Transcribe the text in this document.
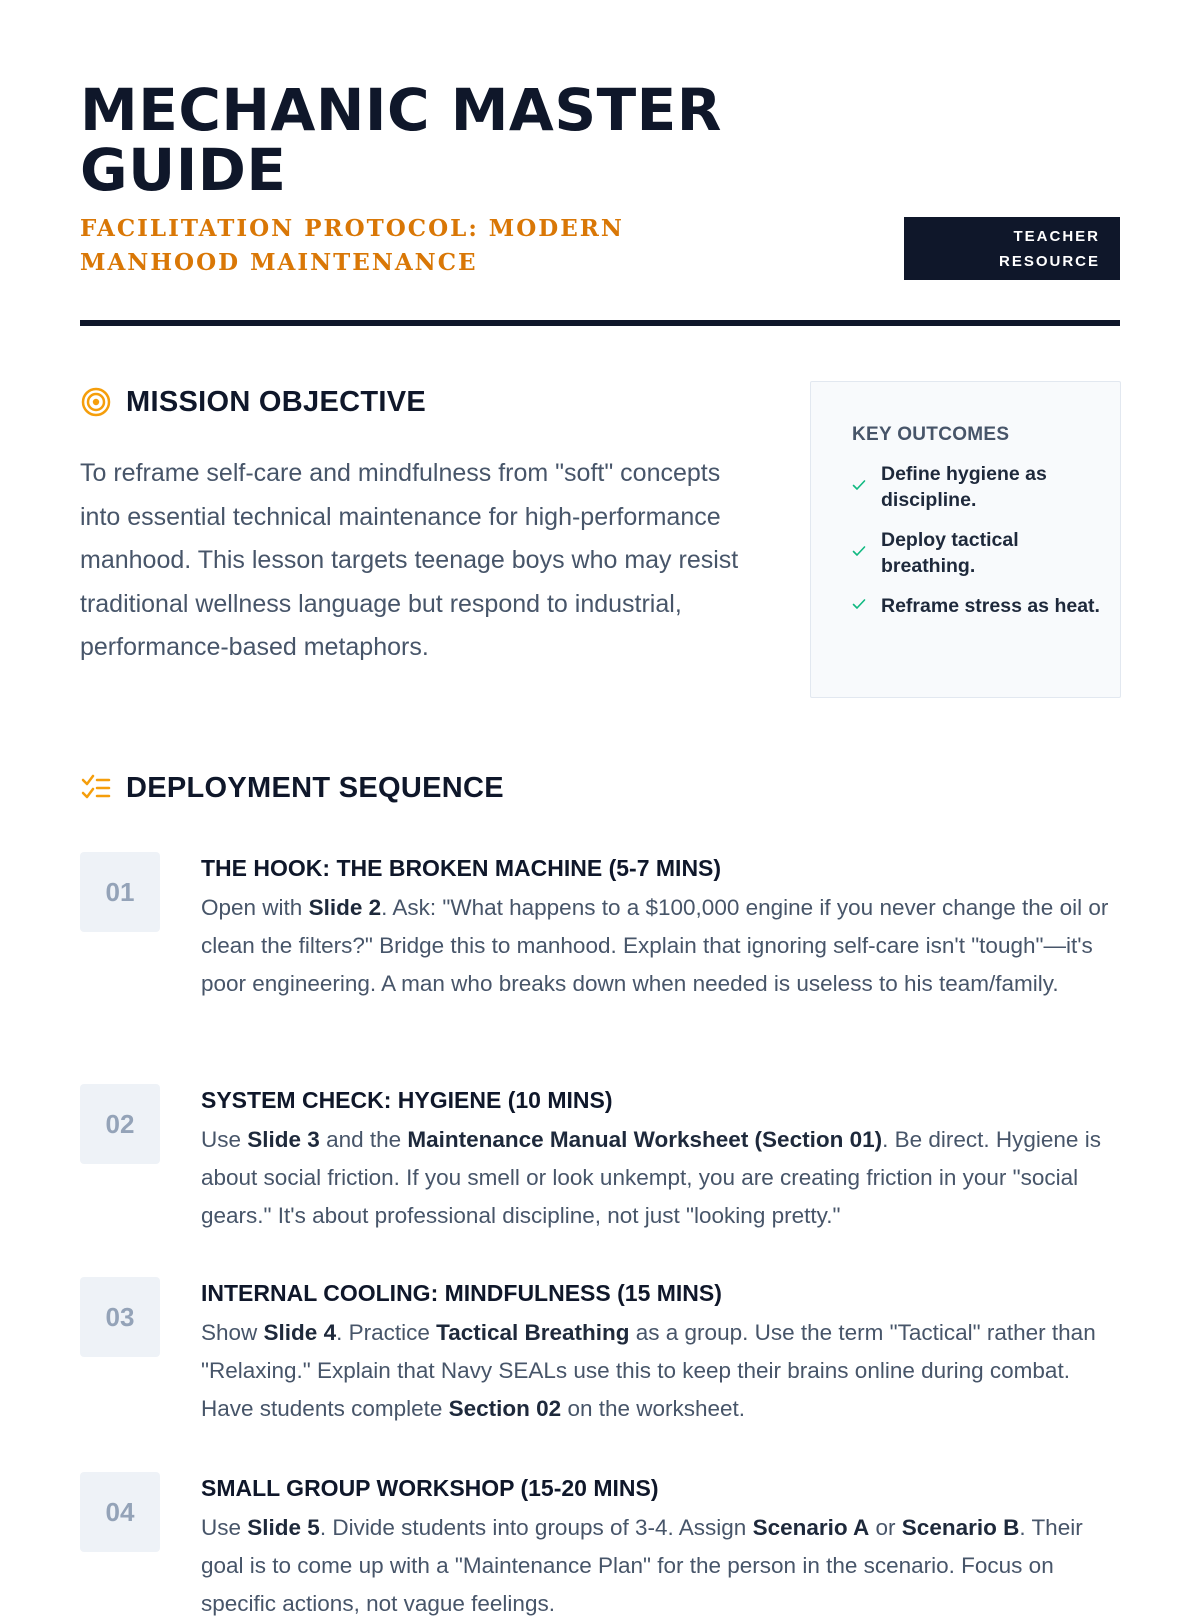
MECHANIC MASTER GUIDE
FACILITATION PROTOCOL: MODERN MANHOOD MAINTENANCE
TEACHER
RESOURCE
MISSION OBJECTIVE

To reframe self-care and mindfulness from "soft" concepts into essential technical maintenance for high-performance manhood. This lesson targets teenage boys who may resist traditional wellness language but respond to industrial, performance-based metaphors.

KEY OUTCOMES
Define hygiene as discipline.
Deploy tactical breathing.
Reframe stress as heat.
DEPLOYMENT SEQUENCE
01
THE HOOK: THE BROKEN MACHINE (5-7 MINS)

Open with Slide 2. Ask: "What happens to a $100,000 engine if you never change the oil or clean the filters?" Bridge this to manhood. Explain that ignoring self-care isn't "tough"—it's poor engineering. A man who breaks down when needed is useless to his team/family.

02
SYSTEM CHECK: HYGIENE (10 MINS)

Use Slide 3 and the Maintenance Manual Worksheet (Section 01). Be direct. Hygiene is about social friction. If you smell or look unkempt, you are creating friction in your "social gears." It's about professional discipline, not just "looking pretty."

03
INTERNAL COOLING: MINDFULNESS (15 MINS)

Show Slide 4. Practice Tactical Breathing as a group. Use the term "Tactical" rather than "Relaxing." Explain that Navy SEALs use this to keep their brains online during combat. Have students complete Section 02 on the worksheet.

04
SMALL GROUP WORKSHOP (15-20 MINS)

Use Slide 5. Divide students into groups of 3-4. Assign Scenario A or Scenario B. Their goal is to come up with a "Maintenance Plan" for the person in the scenario. Focus on specific actions, not vague feelings.
